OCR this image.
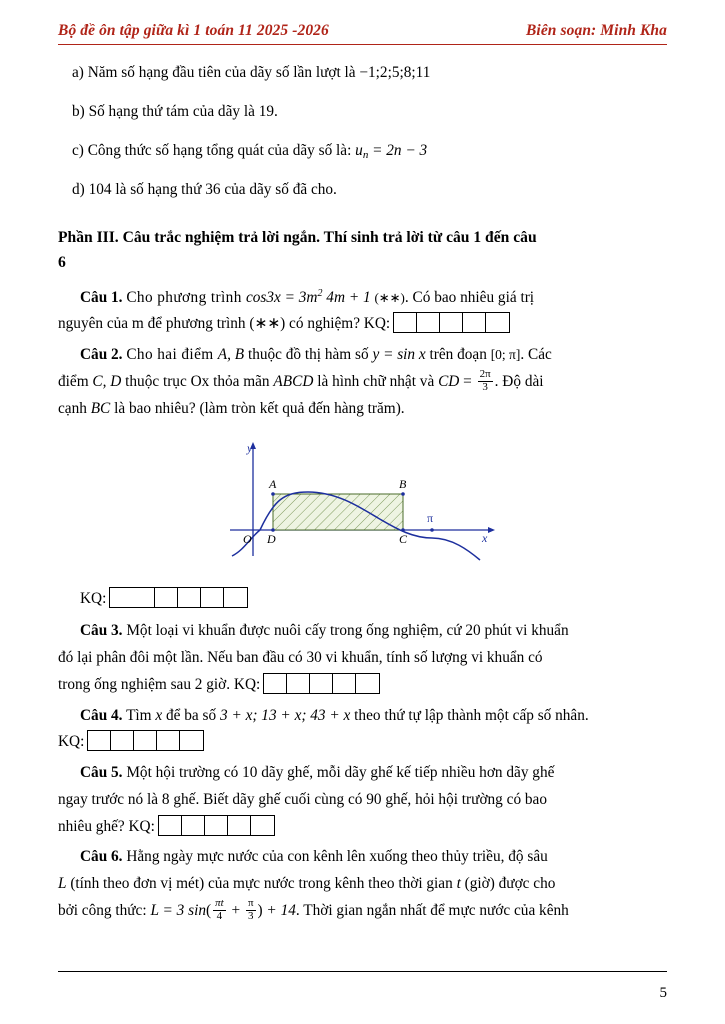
Bộ đề ôn tập giữa kì 1 toán 11 2025 -2026	Biên soạn: Minh Kha

a) Năm số hạng đầu tiên của dãy số lần lượt là −1;2;5;8;11

b) Số hạng thứ tám của dãy là 19.

c) Công thức số hạng tổng quát của dãy số là: un = 2n − 3

d) 104 là số hạng thứ 36 của dãy số đã cho.

Phần III. Câu trắc nghiệm trả lời ngắn. Thí sinh trả lời từ câu 1 đến câu
6

Câu 1. Cho phương trình $\cos 3x = 3m^2$ 4m + 1 (∗∗). Có bao nhiêu giá trị

nguyên của m để phương trình (∗∗) có nghiệm? KQ:

Câu 2. Cho hai điểm A, B thuộc đồ thị hàm số y = sin x trên đoạn [0; π]. Các

điểm C, D thuộc trục Ox thỏa mãn ABCD là hình chữ nhật và CD = $\frac{2\pi}{3}$ . Độ dài

cạnh BC là bao nhiêu? (làm tròn kết quả đến hàng trăm).

y
x
A	B
O D	C
π

KQ:

Câu 3. Một loại vi khuẩn được nuôi cấy trong ống nghiệm, cứ 20 phút vi khuẩn

đó lại phân đôi một lần. Nếu ban đầu có 30 vi khuẩn, tính số lượng vi khuẩn có

trong ống nghiệm sau 2 giờ. KQ:

Câu 4. Tìm x để ba số 3 + x; 13 + x; 43 + x theo thứ tự lập thành một cấp số nhân.

KQ:

Câu 5. Một hội trường có 10 dãy ghế, mỗi dãy ghế kế tiếp nhiều hơn dãy ghế

ngay trước nó là 8 ghế. Biết dãy ghế cuối cùng có 90 ghế, hỏi hội trường có bao

nhiêu ghế? KQ:

Câu 6. Hằng ngày mực nước của con kênh lên xuống theo thủy triều, độ sâu

L (tính theo đơn vị mét) của mực nước trong kênh theo thời gian t (giờ) được cho

bởi công thức: L = 3 $\sin( \frac{\pi t}{4} + \frac{\pi}{3}$ ) + 14. Thời gian ngắn nhất để mực nước của kênh

5
